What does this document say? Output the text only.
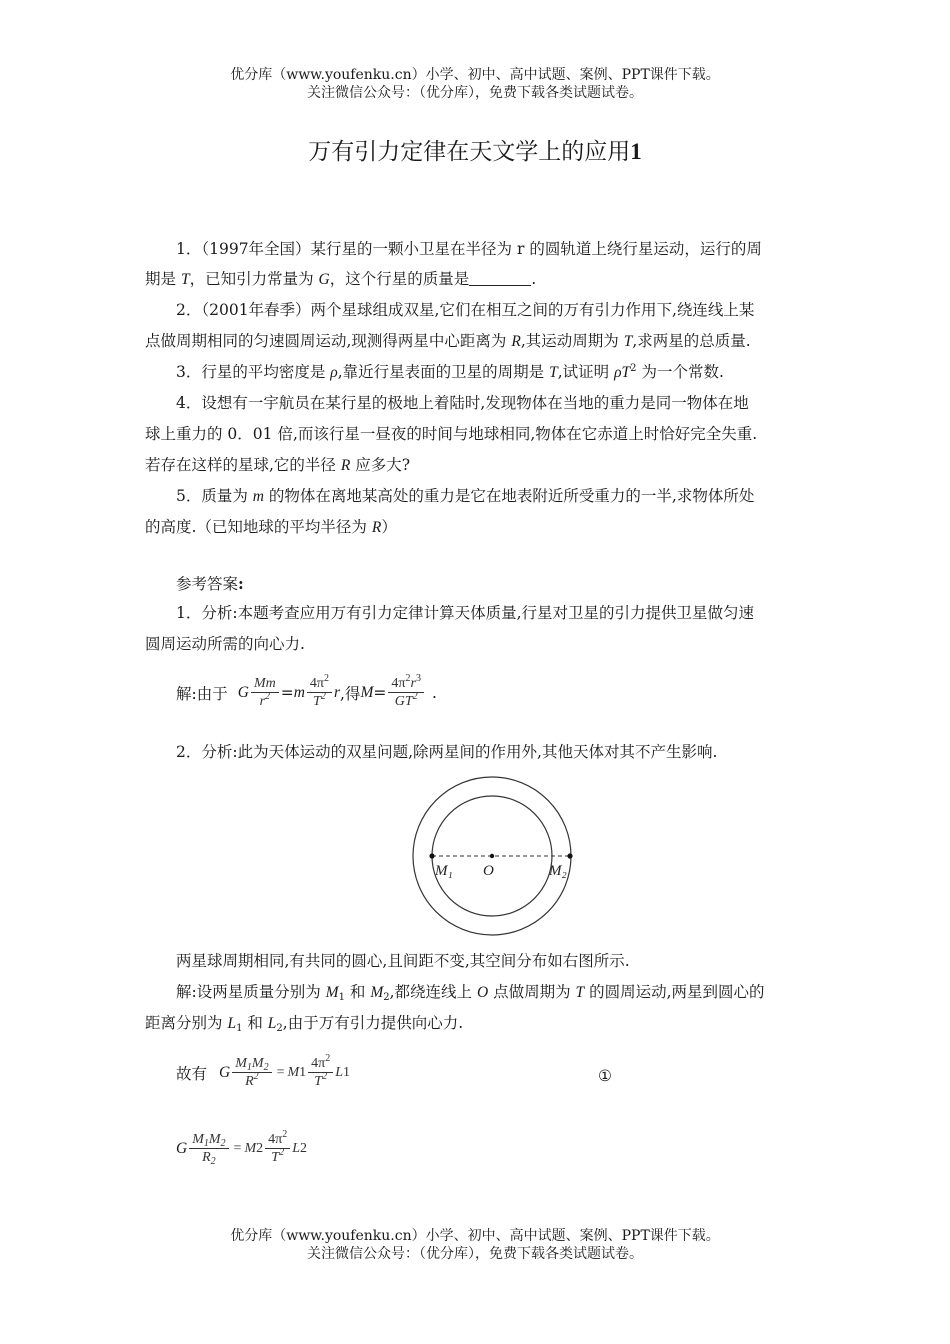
优分库（www.youfenku.cn）小学、初中、高中试题、案例、PPT课件下载。
关注微信公众号：（优分库），免费下载各类试题试卷。
万有引力定律在天文学上的应用1
1．（1997年全国）某行星的一颗小卫星在半径为 r 的圆轨道上绕行星运动，运行的周
期是 T，已知引力常量为 G，这个行星的质量是	.
2．（2001年春季）两个星球组成双星,它们在相互之间的万有引力作用下,绕连线上某
点做周期相同的匀速圆周运动,现测得两星中心距离为 R,其运动周期为 T,求两星的总质量.
3．行星的平均密度是 ρ,靠近行星表面的卫星的周期是 T,试证明 $\rho T^2$ 为一个常数.
4．设想有一宇航员在某行星的极地上着陆时,发现物体在当地的重力是同一物体在地
球上重力的 0．01 倍,而该行星一昼夜的时间与地球相同,物体在它赤道上时恰好完全失重.
若存在这样的星球,它的半径 R 应多大?
5．质量为 m 的物体在离地某高处的重力是它在地表附近所受重力的一半,求物体所处
的高度.（已知地球的平均半径为 R）
参考答案:
1．分析:本题考查应用万有引力定律计算天体质量,行星对卫星的引力提供卫星做匀速
圆周运动所需的向心力.
解:由于 G $\frac{Mm}{r^2} = m \frac{4\pi^2}{T^2}$ r ,得 $M = \frac{4\pi^2r^3}{GT^2}$ .
2．分析:此为天体运动的双星问题,除两星间的作用外,其他天体对其不产生影响.
M₁ O	M₂
两星球周期相同,有共同的圆心,且间距不变,其空间分布如右图所示.
解:设两星质量分别为 $M_1$ 和 $M_2$,都绕连线上 O 点做周期为 T 的圆周运动,两星到圆心的
距离分别为 $L_1$ 和 $L_2$,由于万有引力提供向心力.
故有 G $\frac{M_1M_2}{R^2} = M$ $1 \frac{4\pi^2}{T^2}$ L 1	①
G $\frac{M_1M_2}{R_2} = M$ $2 \frac{4\pi^2}{T^2}$ L 2
优分库（www.youfenku.cn）小学、初中、高中试题、案例、PPT课件下载。
关注微信公众号：（优分库），免费下载各类试题试卷。
